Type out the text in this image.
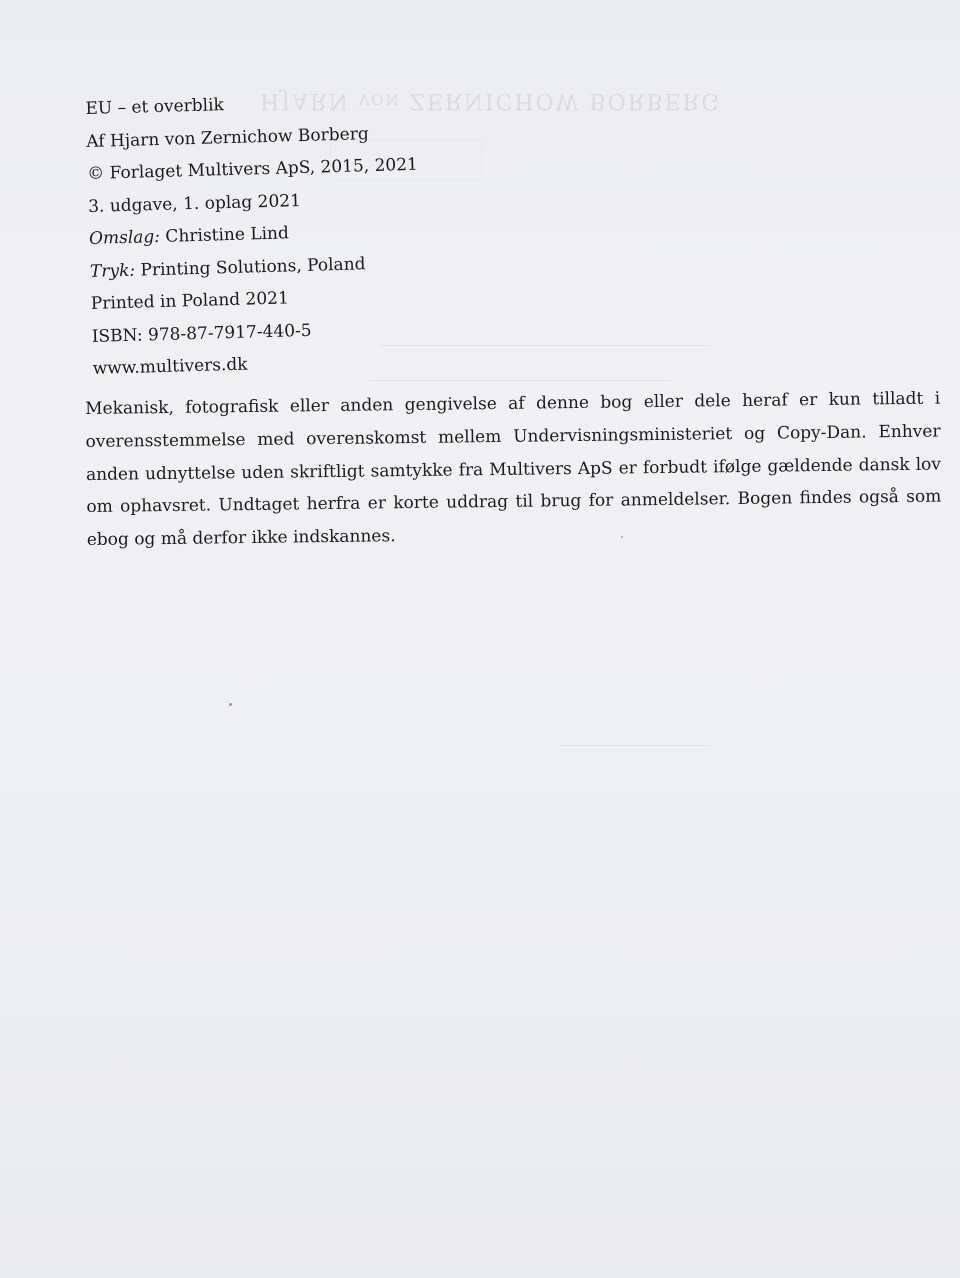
HJARN von ZERNICHOW BORBERG
EU – et overblik
Af Hjarn von Zernichow Borberg
© Forlaget Multivers ApS, 2015, 2021
3. udgave, 1. oplag 2021
Omslag: Christine Lind
Tryk: Printing Solutions, Poland
Printed in Poland 2021
ISBN: 978-87-7917-440-5
www.multivers.dk

Mekanisk, fotografisk eller anden gengivelse af denne bog eller dele heraf er kun tilladt i overensstemmelse med overenskomst mellem Undervisningsministeriet og Copy-Dan. Enhver anden udnyttelse uden skriftligt samtykke fra Multivers ApS er forbudt ifølge gældende dansk lov om ophavsret. Undtaget herfra er korte uddrag til brug for anmeldelser. Bogen findes også som ebog og må derfor ikke indskannes.
